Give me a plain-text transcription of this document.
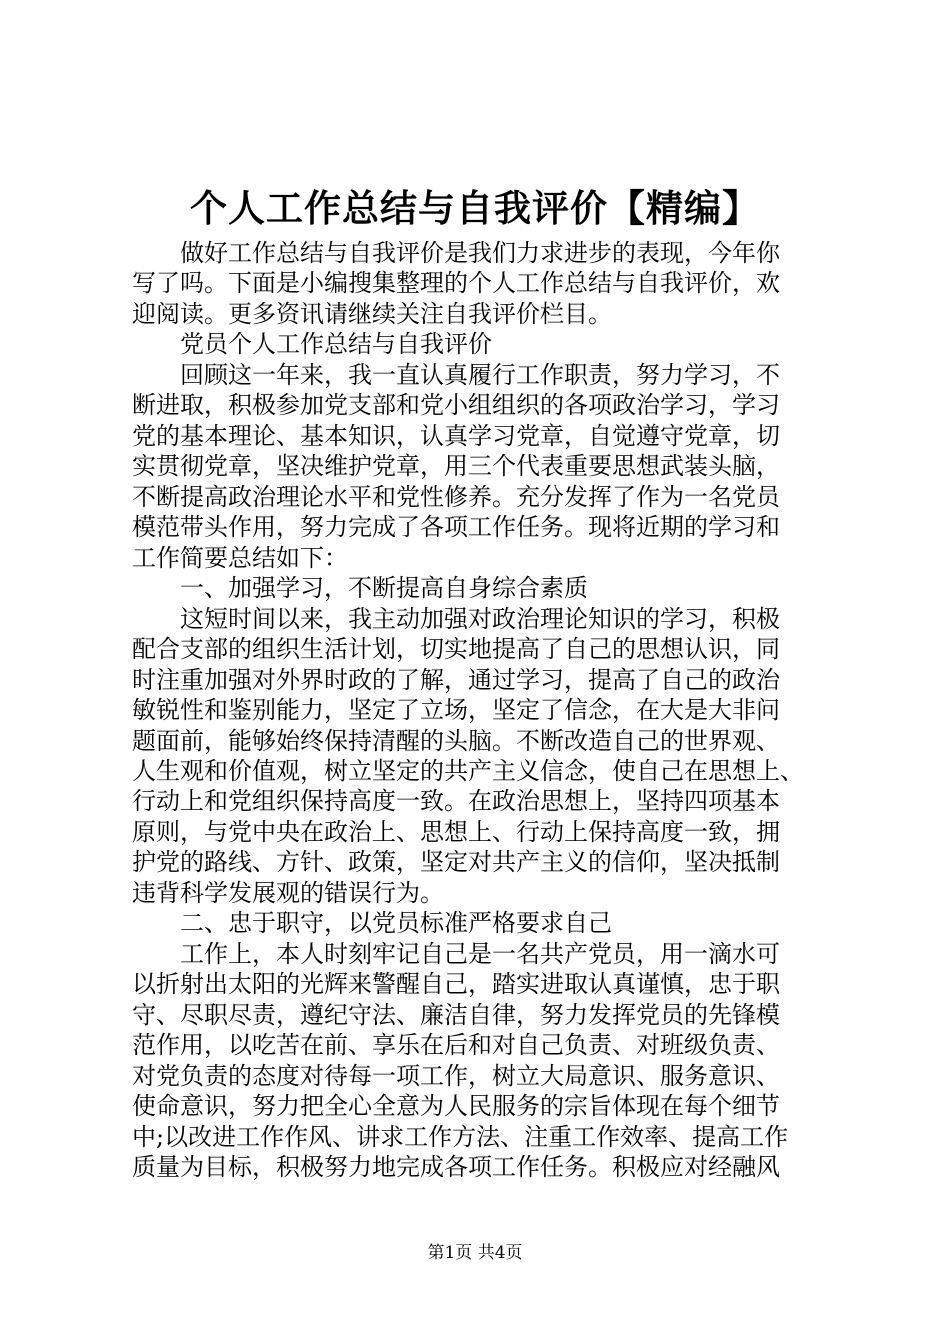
个人工作总结与自我评价【精编】
　　做好工作总结与自我评价是我们力求进步的表现，今年你
写了吗。下面是小编搜集整理的个人工作总结与自我评价，欢
迎阅读。更多资讯请继续关注自我评价栏目。
　　党员个人工作总结与自我评价
　　回顾这一年来，我一直认真履行工作职责，努力学习，不
断进取，积极参加党支部和党小组组织的各项政治学习，学习
党的基本理论、基本知识，认真学习党章，自觉遵守党章，切
实贯彻党章，坚决维护党章，用三个代表重要思想武装头脑，
不断提高政治理论水平和党性修养。充分发挥了作为一名党员
模范带头作用，努力完成了各项工作任务。现将近期的学习和
工作简要总结如下：
　　一、加强学习，不断提高自身综合素质
　　这短时间以来，我主动加强对政治理论知识的学习，积极
配合支部的组织生活计划，切实地提高了自己的思想认识，同
时注重加强对外界时政的了解，通过学习，提高了自己的政治
敏锐性和鉴别能力，坚定了立场，坚定了信念，在大是大非问
题面前，能够始终保持清醒的头脑。不断改造自己的世界观、
人生观和价值观，树立坚定的共产主义信念，使自己在思想上、
行动上和党组织保持高度一致。在政治思想上，坚持四项基本
原则，与党中央在政治上、思想上、行动上保持高度一致，拥
护党的路线、方针、政策，坚定对共产主义的信仰，坚决抵制
违背科学发展观的错误行为。
　　二、忠于职守，以党员标准严格要求自己
　　工作上，本人时刻牢记自己是一名共产党员，用一滴水可
以折射出太阳的光辉来警醒自己，踏实进取认真谨慎，忠于职
守、尽职尽责，遵纪守法、廉洁自律，努力发挥党员的先锋模
范作用，以吃苦在前、享乐在后和对自己负责、对班级负责、
对党负责的态度对待每一项工作，树立大局意识、服务意识、
使命意识，努力把全心全意为人民服务的宗旨体现在每个细节
中;以改进工作作风、讲求工作方法、注重工作效率、提高工作
质量为目标，积极努力地完成各项工作任务。积极应对经融风
第1页 共4页
